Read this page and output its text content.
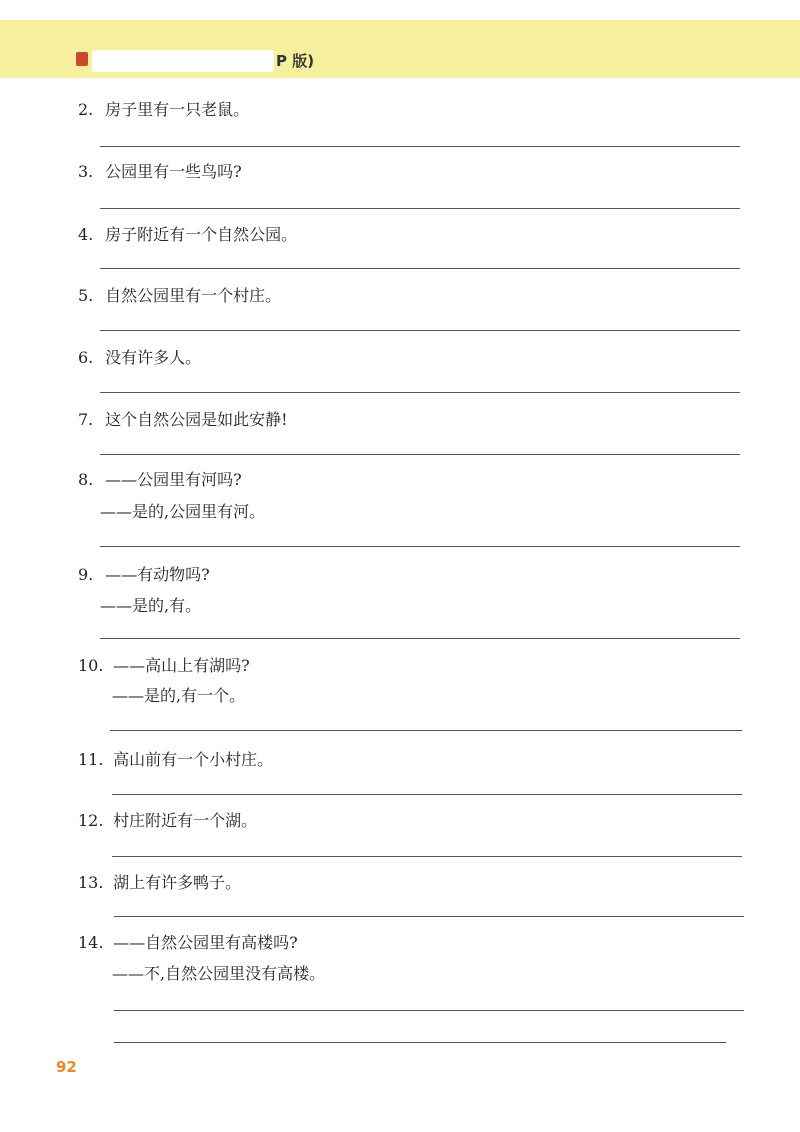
P 版)
2. 房子里有一只老鼠。
3. 公园里有一些鸟吗?
4. 房子附近有一个自然公园。
5. 自然公园里有一个村庄。
6. 没有许多人。
7. 这个自然公园是如此安静!
8. ——公园里有河吗?
——是的,公园里有河。
9. ——有动物吗?
——是的,有。
10. ——高山上有湖吗?
——是的,有一个。
11. 高山前有一个小村庄。
12. 村庄附近有一个湖。
13. 湖上有许多鸭子。
14. ——自然公园里有高楼吗?
——不,自然公园里没有高楼。
92
